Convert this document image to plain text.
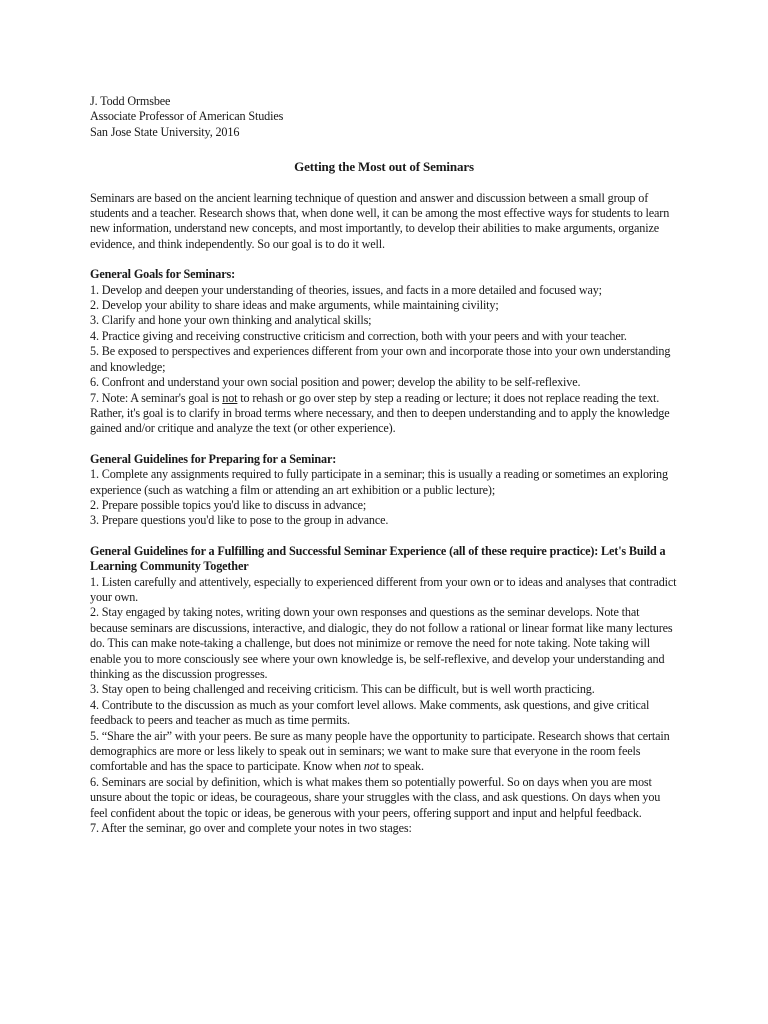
J. Todd Ormsbee
Associate Professor of American Studies
San Jose State University, 2016
Getting the Most out of Seminars

Seminars are based on the ancient learning technique of question and answer and discussion between a small group of students and a teacher. Research shows that, when done well, it can be among the most effective ways for students to learn new information, understand new concepts, and most importantly, to develop their abilities to make arguments, organize evidence, and think independently. So our goal is to do it well.

General Goals for Seminars:

1. Develop and deepen your understanding of theories, issues, and facts in a more detailed and focused way;

2. Develop your ability to share ideas and make arguments, while maintaining civility;

3. Clarify and hone your own thinking and analytical skills;

4. Practice giving and receiving constructive criticism and correction, both with your peers and with your teacher.

5. Be exposed to perspectives and experiences different from your own and incorporate those into your own understanding and knowledge;

6. Confront and understand your own social position and power; develop the ability to be self-reflexive.

7. Note: A seminar's goal is not to rehash or go over step by step a reading or lecture; it does not replace reading the text. Rather, it's goal is to clarify in broad terms where necessary, and then to deepen understanding and to apply the knowledge gained and/or critique and analyze the text (or other experience).

General Guidelines for Preparing for a Seminar:

1. Complete any assignments required to fully participate in a seminar; this is usually a reading or sometimes an exploring experience (such as watching a film or attending an art exhibition or a public lecture);

2. Prepare possible topics you'd like to discuss in advance;

3. Prepare questions you'd like to pose to the group in advance.

General Guidelines for a Fulfilling and Successful Seminar Experience (all of these require practice): Let's Build a Learning Community Together

1. Listen carefully and attentively, especially to experienced different from your own or to ideas and analyses that contradict your own.

2. Stay engaged by taking notes, writing down your own responses and questions as the seminar develops. Note that because seminars are discussions, interactive, and dialogic, they do not follow a rational or linear format like many lectures do. This can make note-taking a challenge, but does not minimize or remove the need for note taking. Note taking will enable you to more consciously see where your own knowledge is, be self-reflexive, and develop your understanding and thinking as the discussion progresses.

3. Stay open to being challenged and receiving criticism. This can be difficult, but is well worth practicing.

4. Contribute to the discussion as much as your comfort level allows. Make comments, ask questions, and give critical feedback to peers and teacher as much as time permits.

5. “Share the air” with your peers. Be sure as many people have the opportunity to participate. Research shows that certain demographics are more or less likely to speak out in seminars; we want to make sure that everyone in the room feels comfortable and has the space to participate. Know when not to speak.

6. Seminars are social by definition, which is what makes them so potentially powerful. So on days when you are most unsure about the topic or ideas, be courageous, share your struggles with the class, and ask questions. On days when you feel confident about the topic or ideas, be generous with your peers, offering support and input and helpful feedback.

7. After the seminar, go over and complete your notes in two stages:
